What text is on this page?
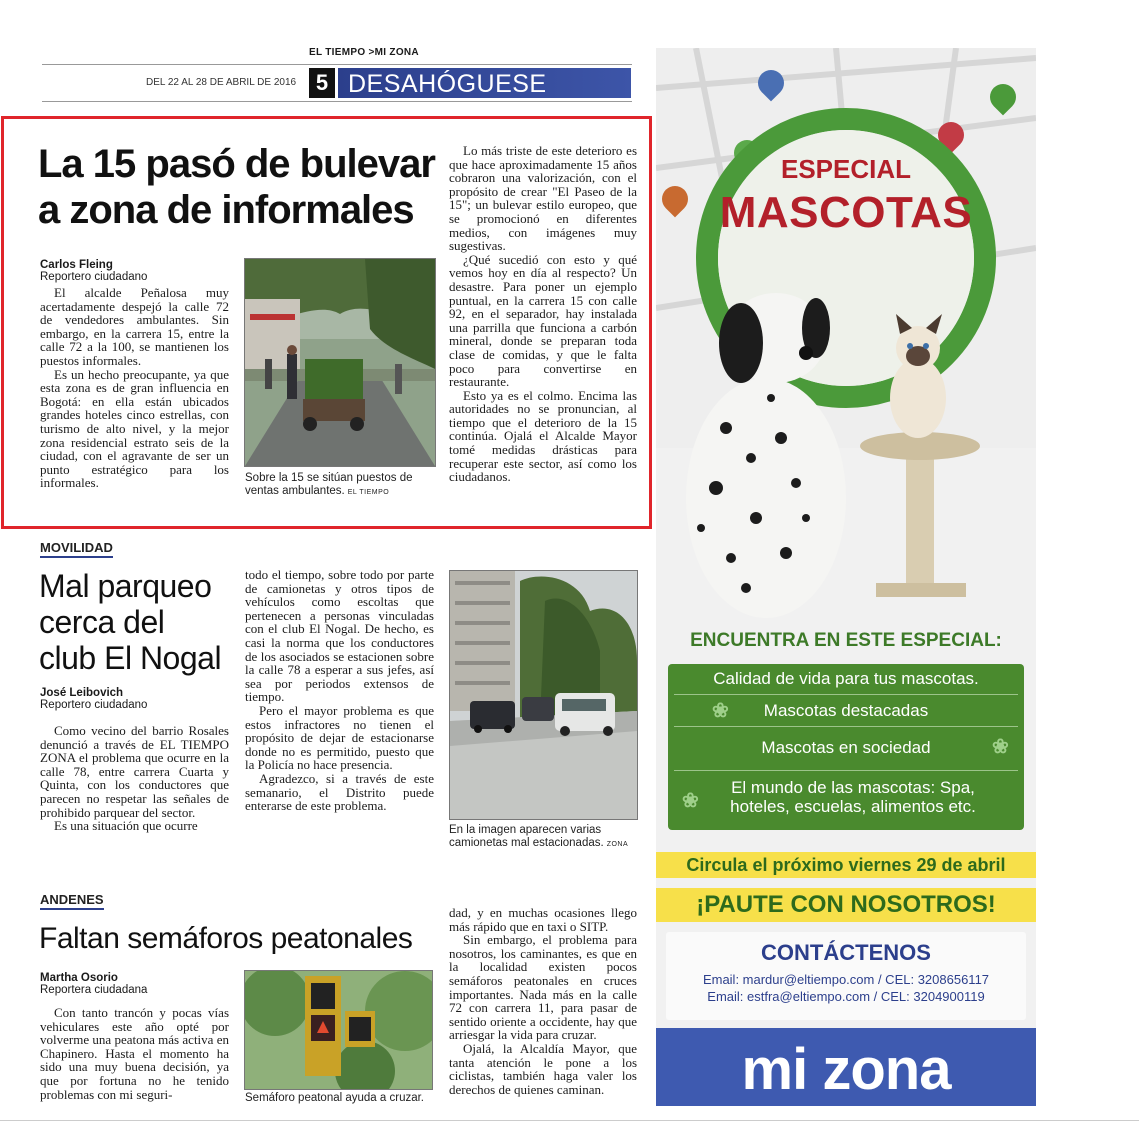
EL TIEMPO >MI ZONA
DEL 22 AL 28 DE ABRIL DE 2016 5 DESAHÓGUESE
La 15 pasó de bulevar a zona de informales
Carlos Fleing
Reportero ciudadano

El alcalde Peñalosa muy acertadamente despejó la calle 72 de vendedores ambulantes. Sin embargo, en la carrera 15, entre la calle 72 a la 100, se mantienen los puestos informales.

Es un hecho preocupante, ya que esta zona es de gran influencia en Bogotá: en ella están ubicados grandes hoteles cinco estrellas, con turismo de alto nivel, y la mejor zona residencial estrato seis de la ciudad, con el agravante de ser un punto estratégico para los informales.	Sobre la 15 se sitúan puestos de ventas ambulantes. EL TIEMPO

Lo más triste de este deterioro es que hace aproximadamente 15 años cobraron una valorización, con el propósito de crear "El Paseo de la 15"; un bulevar estilo europeo, que se promocionó en diferentes medios, con imágenes muy sugestivas.

¿Qué sucedió con esto y qué vemos hoy en día al respecto? Un desastre. Para poner un ejemplo puntual, en la carrera 15 con calle 92, en el separador, hay instalada una parrilla que funciona a carbón mineral, donde se preparan toda clase de comidas, y que le falta poco para convertirse en restaurante.

Esto ya es el colmo. Encima las autoridades no se pronuncian, al tiempo que el deterioro de la 15 continúa. Ojalá el Alcalde Mayor tomé medidas drásticas para recuperar este sector, así como los ciudadanos.

MOVILIDAD
Mal parqueo
cerca del
club El Nogal
José Leibovich
Reportero ciudadano

Como vecino del barrio Rosales denunció a través de EL TIEMPO ZONA el problema que ocurre en la calle 78, entre carrera Cuarta y Quinta, con los conductores que parecen no respetar las señales de prohibido parquear del sector.

Es una situación que ocurre

todo el tiempo, sobre todo por parte de camionetas y otros tipos de vehículos como escoltas que pertenecen a personas vinculadas con el club El Nogal. De hecho, es casi la norma que los conductores de los asociados se estacionen sobre la calle 78 a esperar a sus jefes, así sea por periodos extensos de tiempo.

Pero el mayor problema es que estos infractores no tienen el propósito de dejar de estacionarse donde no es permitido, puesto que la Policía no hace presencia.

Agradezco, si a través de este semanario, el Distrito puede enterarse de este problema.

En la imagen aparecen varias camionetas mal estacionadas. ZONA
ANDENES
Faltan semáforos peatonales
Martha Osorio
Reportera ciudadana

Con tanto trancón y pocas vías vehiculares este año opté por volverme una peatona más activa en Chapinero. Hasta el momento ha sido una muy buena decisión, ya que por fortuna no he tenido problemas con mi seguri-	Semáforo peatonal ayuda a cruzar.

dad, y en muchas ocasiones llego más rápido que en taxi o SITP.

Sin embargo, el problema para nosotros, los caminantes, es que en la localidad existen pocos semáforos peatonales en cruces importantes. Nada más en la calle 72 con carrera 11, para pasar de sentido oriente a occidente, hay que arriesgar la vida para cruzar.

Ojalá, la Alcaldía Mayor, que tanta atención le pone a los ciclistas, también haga valer los derechos de quienes caminan.

ESPECIAL
MASCOTAS
ENCUENTRA EN ESTE ESPECIAL:
Calidad de vida para tus mascotas.
Mascotas destacadas
❀
Mascotas en sociedad	❀
El mundo de las mascotas: Spa, hoteles, escuelas, alimentos etc.
❀
Circula el próximo viernes 29 de abril
¡PAUTE CON NOSOTROS!
CONTÁCTENOS
Email: mardur@eltiempo.com / CEL: 3208656117
Email: estfra@eltiempo.com / CEL: 3204900119
mi zona
